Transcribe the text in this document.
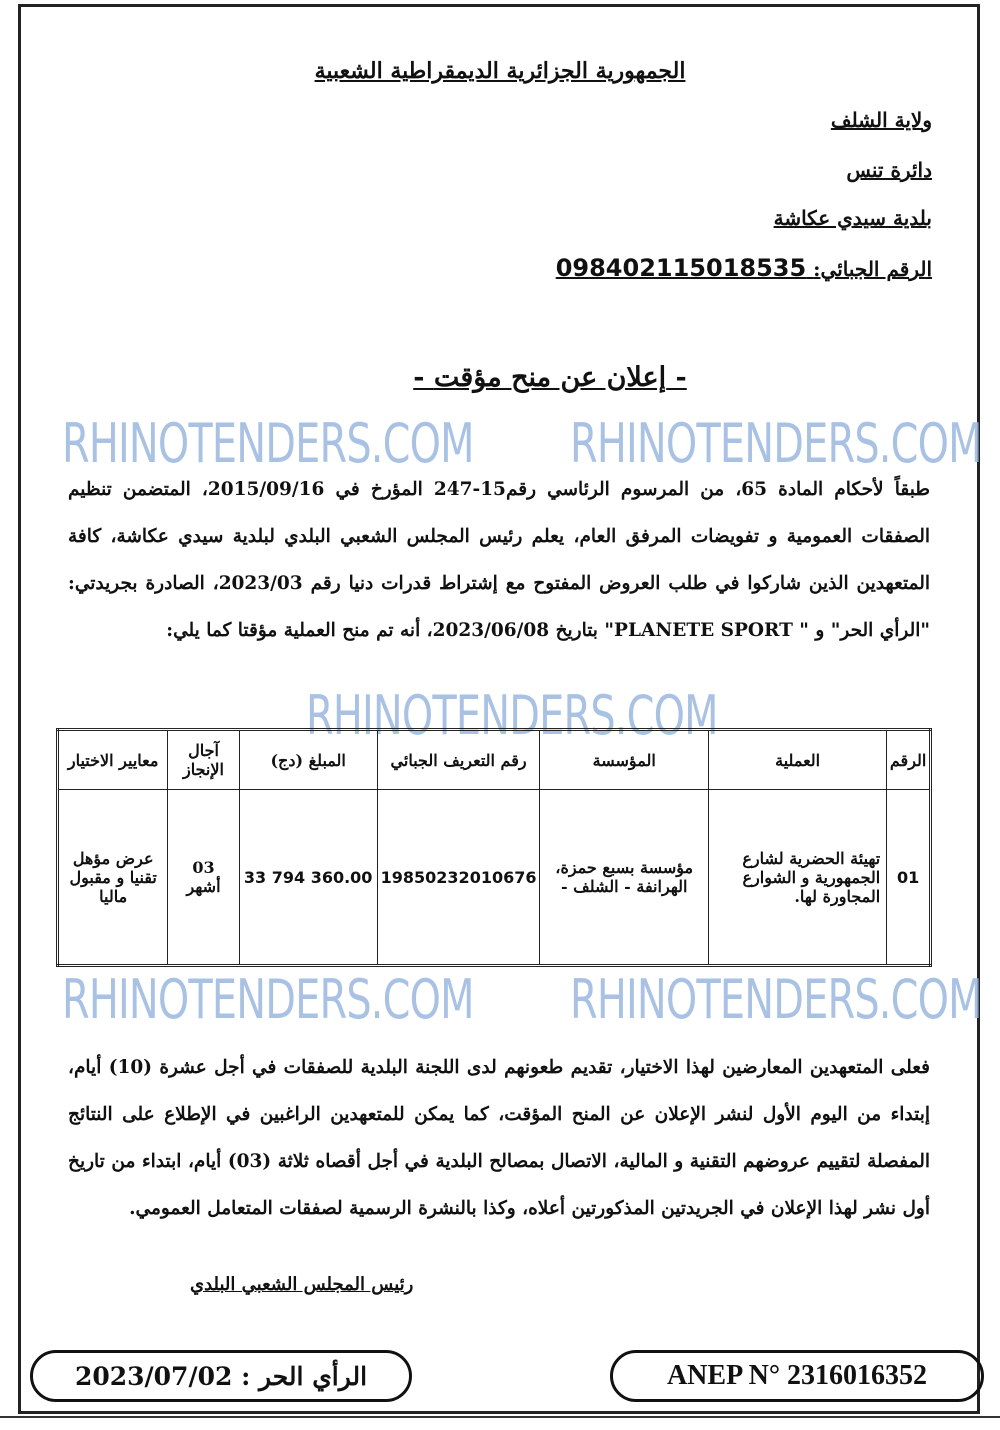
الجمهورية الجزائرية الديمقراطية الشعبية
ولاية الشلف
دائرة تنس
بلدية سيدي عكاشة
الرقم الجبائي: 098402115018535
- إعلان عن منح مؤقت -
RHINOTENDERS.COM RHINOTENDERS.COM

طبقاً لأحكام المادة 65، من المرسوم الرئاسي رقم15-247 المؤرخ في 2015/09/16، المتضمن تنظيم الصفقات العمومية و تفويضات المرفق العام، يعلم رئيس المجلس الشعبي البلدي لبلدية سيدي عكاشة، كافة المتعهدين الذين شاركوا في طلب العروض المفتوح مع إشتراط قدرات دنيا رقم 2023/03، الصادرة بجريدتي: "الرأي الحر" و " PLANETE SPORT" بتاريخ 2023/06/08، أنه تم منح العملية مؤقتا كما يلي:

RHINOTENDERS.COM
الرقم	العملية	المؤسسة	رقم التعريف الجبائي	المبلغ (دج)	آجال الإنجاز	معايير الاختيار
01	تهيئة الحضرية لشارع الجمهورية و الشوارع المجاورة لها.	مؤسسة بسبع حمزة، الهرانفة - الشلف -	19850232010676	33 794 360.00	03 أشهر	عرض مؤهل تقنيا و مقبول ماليا
RHINOTENDERS.COM RHINOTENDERS.COM

فعلى المتعهدين المعارضين لهذا الاختيار، تقديم طعونهم لدى اللجنة البلدية للصفقات في أجل عشرة (10) أيام، إبتداء من اليوم الأول لنشر الإعلان عن المنح المؤقت، كما يمكن للمتعهدين الراغبين في الإطلاع على النتائج المفصلة لتقييم عروضهم التقنية و المالية، الاتصال بمصالح البلدية في أجل أقصاه ثلاثة (03) أيام، ابتداء من تاريخ أول نشر لهذا الإعلان في الجريدتين المذكورتين أعلاه، وكذا بالنشرة الرسمية لصفقات المتعامل العمومي.

رئيس المجلس الشعبي البلدي
الرأي الحر : 2023/07/02	ANEP N° 2316016352
